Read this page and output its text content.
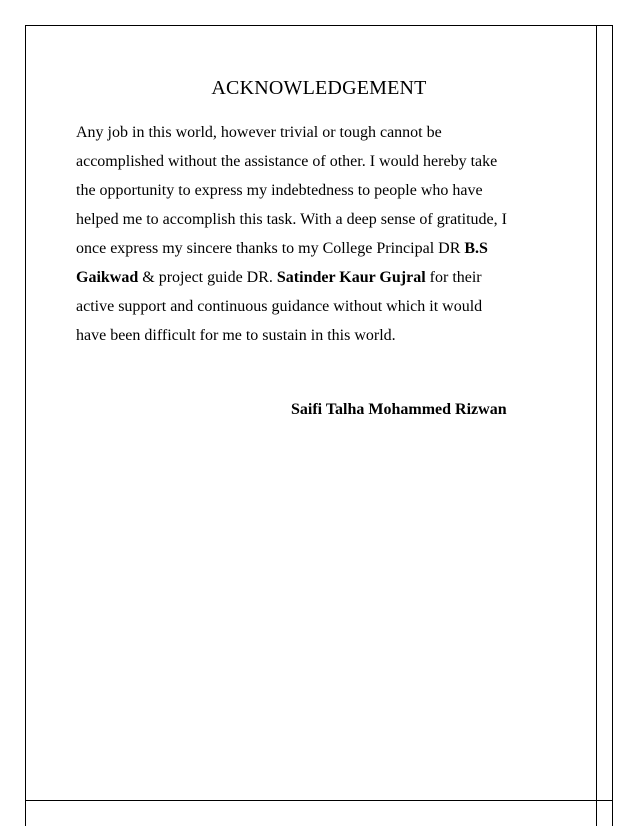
ACKNOWLEDGEMENT
Any job in this world, however trivial or tough cannot be
accomplished without the assistance of other. I would hereby take
the opportunity to express my indebtedness to people who have
helped me to accomplish this task. With a deep sense of gratitude, I
once express my sincere thanks to my College Principal DR B.S
Gaikwad & project guide DR. Satinder Kaur Gujral for their
active support and continuous guidance without which it would
have been difficult for me to sustain in this world.

Saifi Talha Mohammed Rizwan
